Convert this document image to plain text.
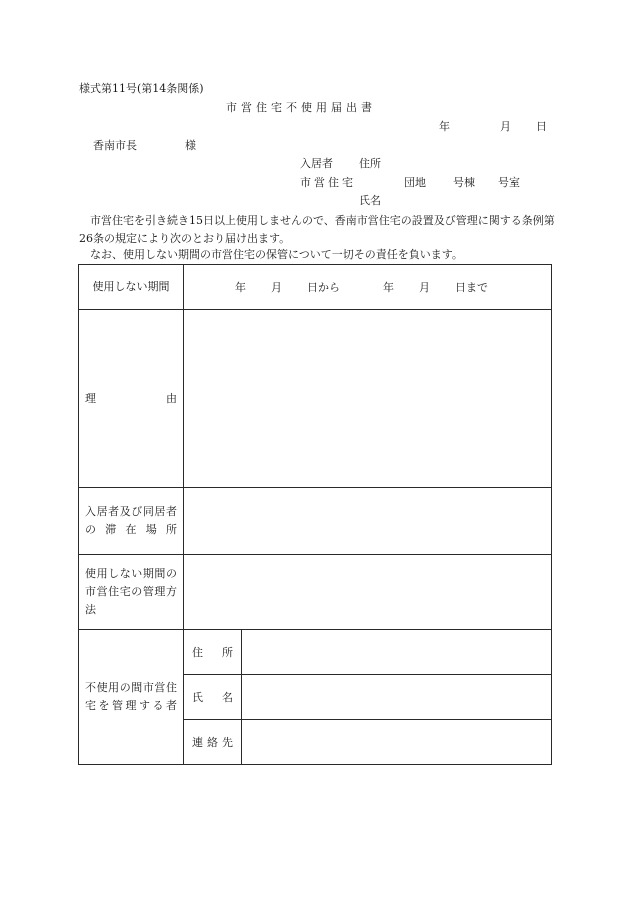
様式第11号(第14条関係)
市営住宅不使用届出書
年	月 日
香南市長	様
入居者 住所
市営住宅	団地 号棟 号室
氏名
市営住宅を引き続き15日以上使用しませんので、香南市営住宅の設置及び管理に関する条例第26条の規定により次のとおり届け出ます。
なお、使用しない期間の市営住宅の保管について一切その責任を負います。
使用しない期間	年 月 日から 年 月 日まで	

理 由		

入居者及び同居者の滞在場所		
使用しない期間の市営住宅の管理方法		
不使用の間市営住宅を管理する者	住所	
	氏名	
	連絡先	
